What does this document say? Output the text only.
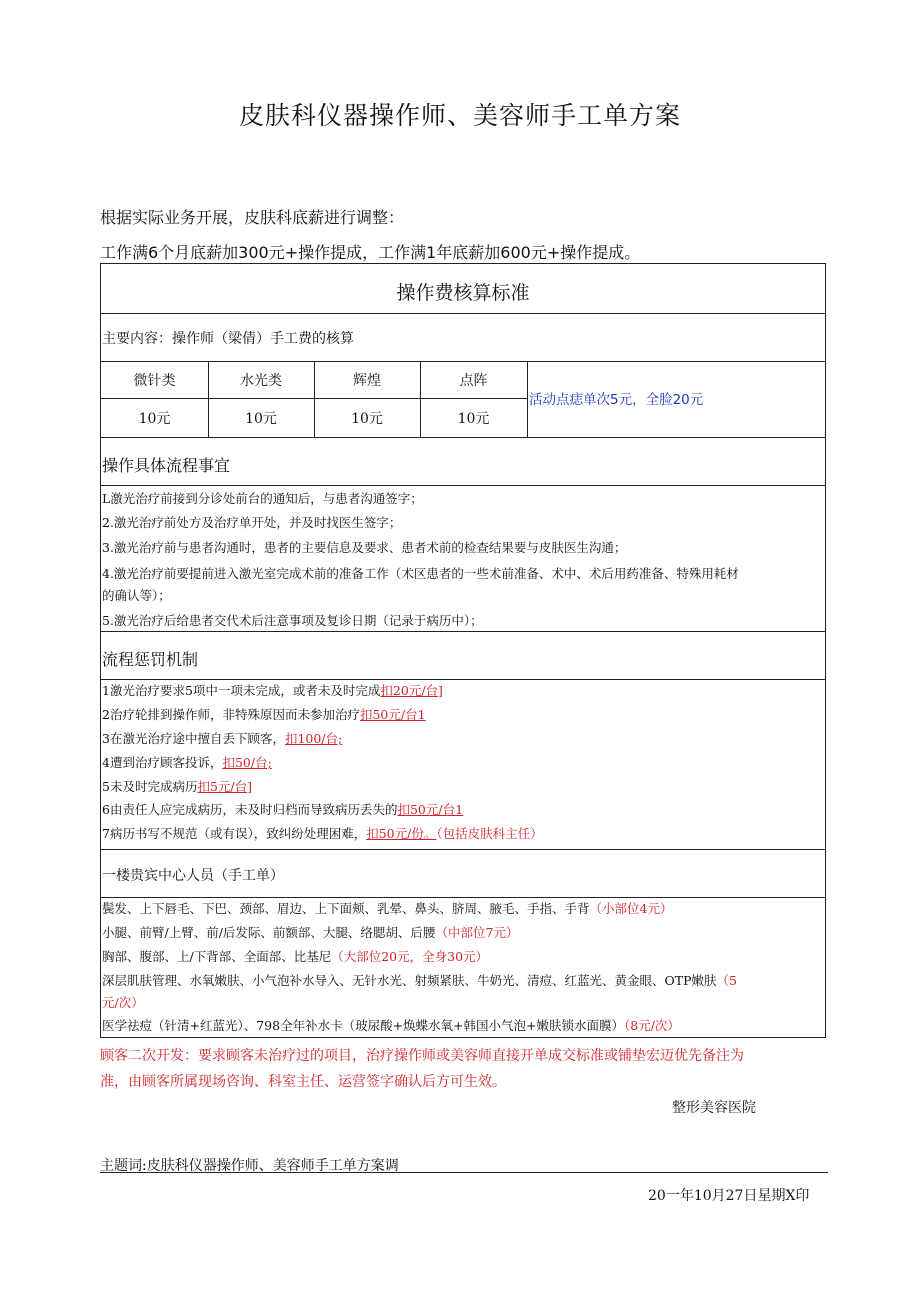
皮肤科仪器操作师、美容师手工单方案
根据实际业务开展，皮肤科底薪进行调整：
工作满6个月底薪加300元+操作提成，工作满1年底薪加600元+操作提成。
操作费核算标准
主要内容：操作师（梁倩）手工费的核算
微针类	水光类	辉煌	点阵
10元	10元	10元	10元
活动点痣单次5元，全脸20元
操作具体流程事宜
L激光治疗前接到分诊处前台的通知后，与患者沟通签字；
2.激光治疗前处方及治疗单开处，并及时找医生签字；
3.激光治疗前与患者沟通时，患者的主要信息及要求、患者术前的检查结果要与皮肤医生沟通；
4.激光治疗前要提前进入激光室完成术前的准备工作（术区患者的一些术前准备、术中、术后用药准备、特殊用耗材
的确认等）；
5.激光治疗后给患者交代术后注意事项及复诊日期（记录于病历中）；
流程惩罚机制
1激光治疗要求5项中一项未完成，或者未及时完成扣20元/台]
2治疗轮排到操作师，非特殊原因而未参加治疗扣50元/台1
3在激光治疗途中擅自丢下顾客，扣100/台;
4遭到治疗顾客投诉，扣50/台;
5未及时完成病历扣5元/台]
6由责任人应完成病历，未及时归档而导致病历丢失的扣50元/台1
7病历书写不规范（或有误），致纠纷处理困难，扣50元/份。（包括皮肤科主任）
一楼贵宾中心人员（手工单）
鬓发、上下唇毛、下巴、颈部、眉边、上下面颊、乳晕、鼻头、脐周、腋毛、手指、手背（小部位4元）
小腿、前臂/上臂、前/后发际、前额部、大腿、络腮胡、后腰（中部位7元）
胸部、腹部、上/下背部、全面部、比基尼（大部位20元，全身30元）
深层肌肤管理、水氧嫩肤、小气泡补水导入、无针水光、射频紧肤、牛奶光、清痘、红蓝光、黄金眼、OTP嫩肤（5
元/次）
医学祛痘（针清+红蓝光）、798全年补水卡（玻尿酸+焕蝶水氧+韩国小气泡+嫩肤锁水面膜）（8元/次）
顾客二次开发：要求顾客未治疗过的项目，治疗操作师或美容师直接开单成交标准或铺垫宏迈优先备注为
准，由顾客所属现场咨询、科室主任、运营签字确认后方可生效。
整形美容医院
主题词:皮肤科仪器操作师、美容师手工单方案调
20一年10月27日星期X印
